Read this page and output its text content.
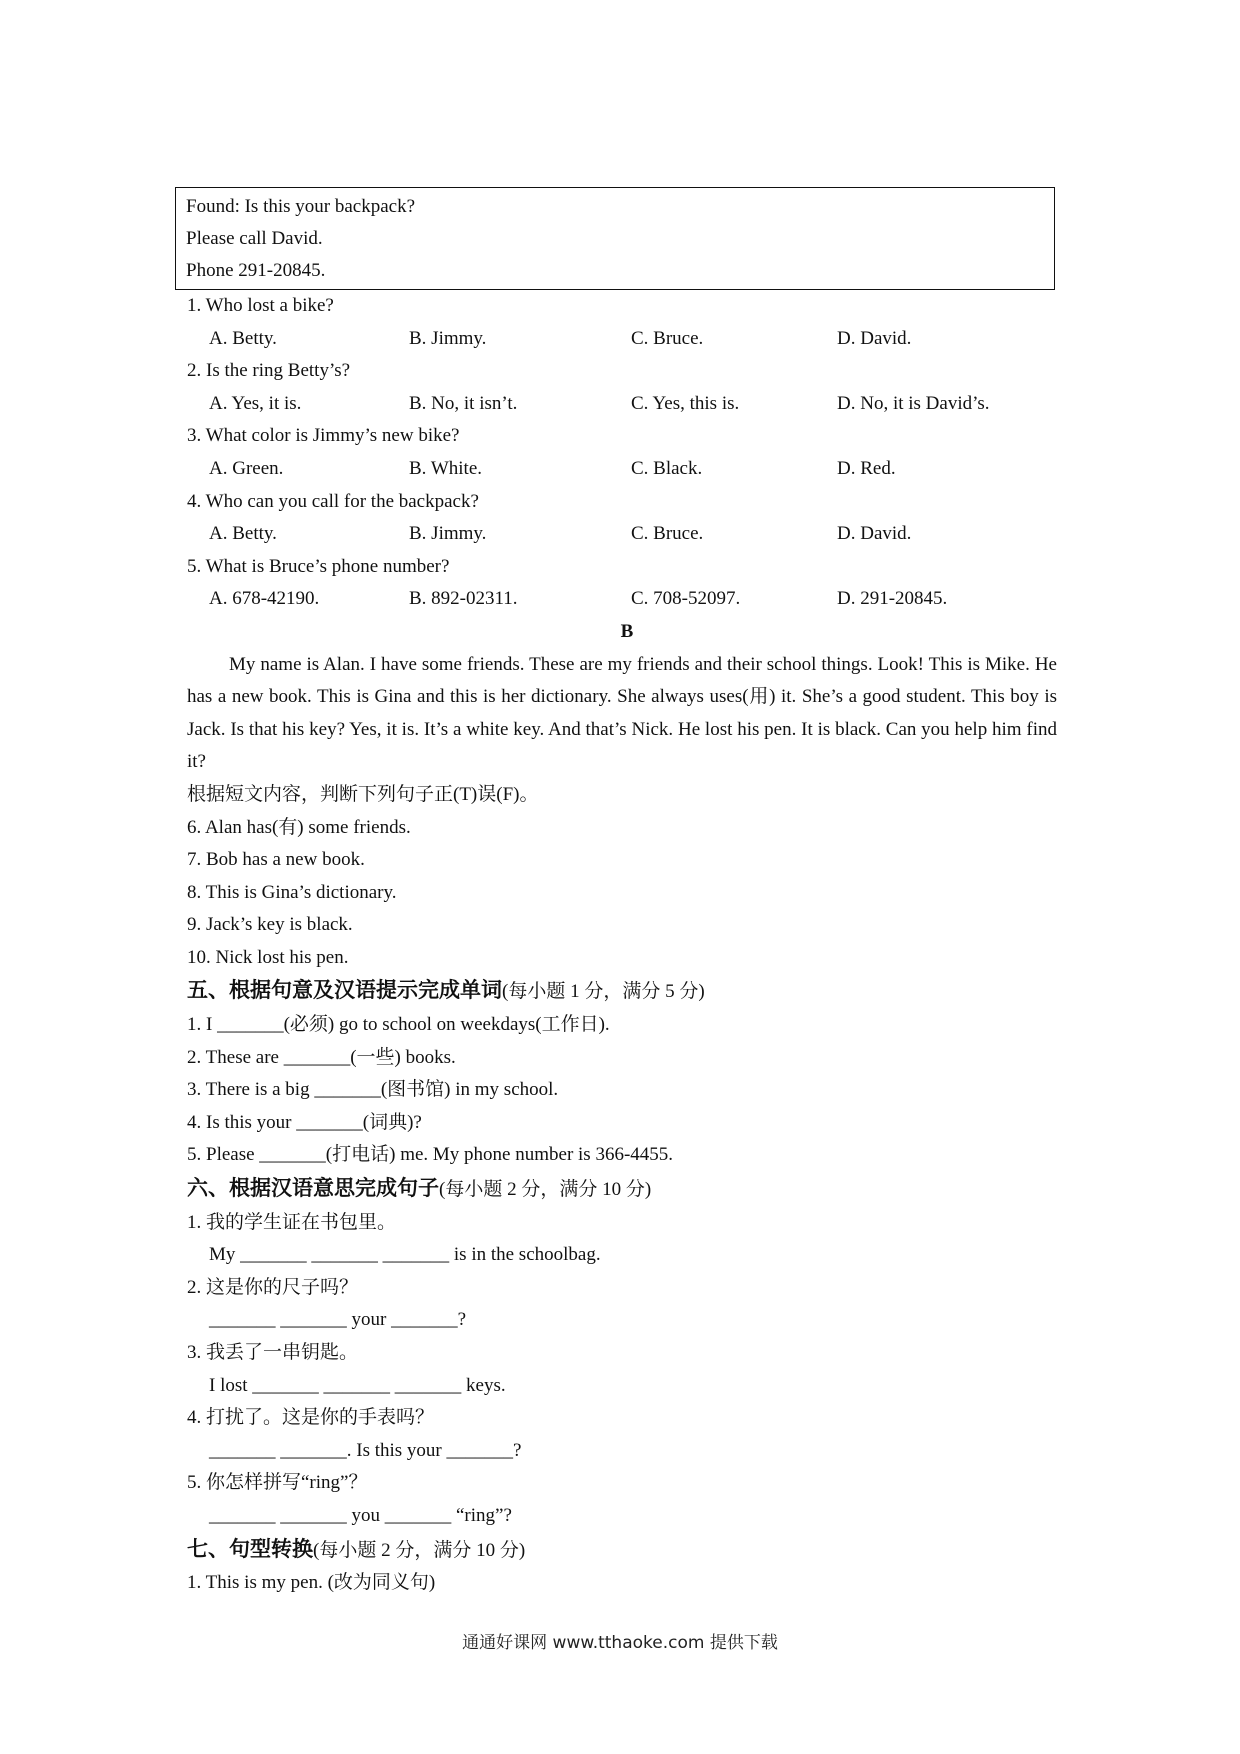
Found: Is this your backpack?
Please call David.
Phone 291-20845.
1. Who lost a bike?
A. Betty.	B. Jimmy.	C. Bruce.	D. David.
2. Is the ring Betty’s?
A. Yes, it is.	B. No, it isn’t.	C. Yes, this is.	D. No, it is David’s.
3. What color is Jimmy’s new bike?
A. Green.	B. White.	C. Black.	D. Red.
4. Who can you call for the backpack?
A. Betty.	B. Jimmy.	C. Bruce.	D. David.
5. What is Bruce’s phone number?
A. 678-42190.	B. 892-02311.	C. 708-52097.	D. 291-20845.
B
My name is Alan. I have some friends. These are my friends and their school things. Look! This is Mike. He has a new book. This is Gina and this is her dictionary. She always uses(用) it. She’s a good student. This boy is Jack. Is that his key? Yes, it is. It’s a white key. And that’s Nick. He lost his pen. It is black. Can you help him find it?
根据短文内容，判断下列句子正(T)误(F)。
6. Alan has(有) some friends.
7. Bob has a new book.
8. This is Gina’s dictionary.
9. Jack’s key is black.
10. Nick lost his pen.
五、根据句意及汉语提示完成单词(每小题 1 分，满分 5 分)
1. I _______(必须) go to school on weekdays(工作日).
2. These are _______(一些) books.
3. There is a big _______(图书馆) in my school.
4. Is this your _______(词典)?
5. Please _______(打电话) me. My phone number is 366-4455.
六、根据汉语意思完成句子(每小题 2 分，满分 10 分)
1. 我的学生证在书包里。
My _______ _______ _______ is in the schoolbag.
2. 这是你的尺子吗？
_______ _______ your _______?
3. 我丢了一串钥匙。
I lost _______ _______ _______ keys.
4. 打扰了。这是你的手表吗？
_______ _______. Is this your _______?
5. 你怎样拼写“ring”？
_______ _______ you _______ “ring”?
七、句型转换(每小题 2 分，满分 10 分)
1. This is my pen. (改为同义句)
通通好课网 www.tthaoke.com 提供下载
